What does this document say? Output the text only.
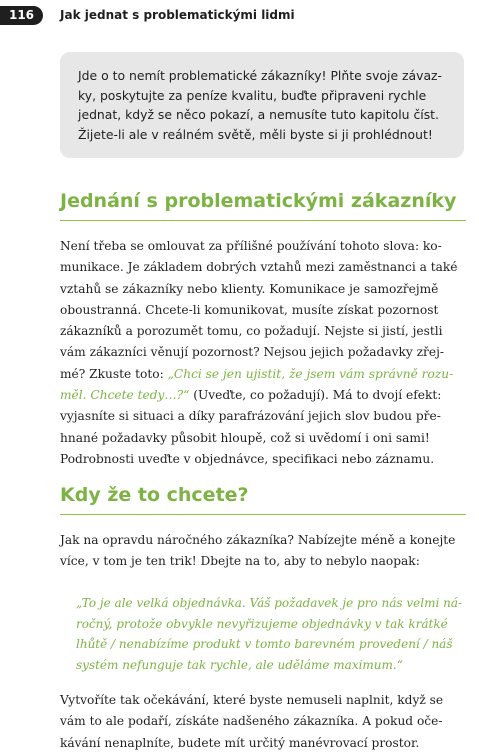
116	Jak jednat s problematickými lidmi
Jde o to nemít problematické zákazníky! Plňte svoje závaz-
ky, poskytujte za peníze kvalitu, buďte připraveni rychle
jednat, když se něco pokazí, a nemusíte tuto kapitolu číst.
Žijete-li ale v reálném světě, měli byste si ji prohlédnout!
Jednání s problematickými zákazníky
Není třeba se omlouvat za přílišné používání tohoto slova: ko-
munikace. Je základem dobrých vztahů mezi zaměstnanci a také
vztahů se zákazníky nebo klienty. Komunikace je samozřejmě
oboustranná. Chcete-li komunikovat, musíte získat pozornost
zákazníků a porozumět tomu, co požadují. Nejste si jistí, jestli
vám zákazníci věnují pozornost? Nejsou jejich požadavky zřej-
mé? Zkuste toto: „Chci se jen ujistit, že jsem vám správně rozu-
měl. Chcete tedy…?“ (Uveďte, co požadují). Má to dvojí efekt:
vyjasníte si situaci a díky parafrázování jejich slov budou pře-
hnané požadavky působit hloupě, což si uvědomí i oni sami!
Podrobnosti uveďte v objednávce, specifikaci nebo záznamu.
Kdy že to chcete?
Jak na opravdu náročného zákazníka? Nabízejte méně a konejte
více, v tom je ten trik! Dbejte na to, aby to nebylo naopak:
„To je ale velká objednávka. Váš požadavek je pro nás velmi ná-
ročný, protože obvykle nevyřizujeme objednávky v tak krátké
lhůtě / nenabízíme produkt v tomto barevném provedení / náš
systém nefunguje tak rychle, ale uděláme maximum.“
Vytvoříte tak očekávání, které byste nemuseli naplnit, když se
vám to ale podaří, získáte nadšeného zákazníka. A pokud oče-
kávání nenaplníte, budete mít určitý manévrovací prostor.
